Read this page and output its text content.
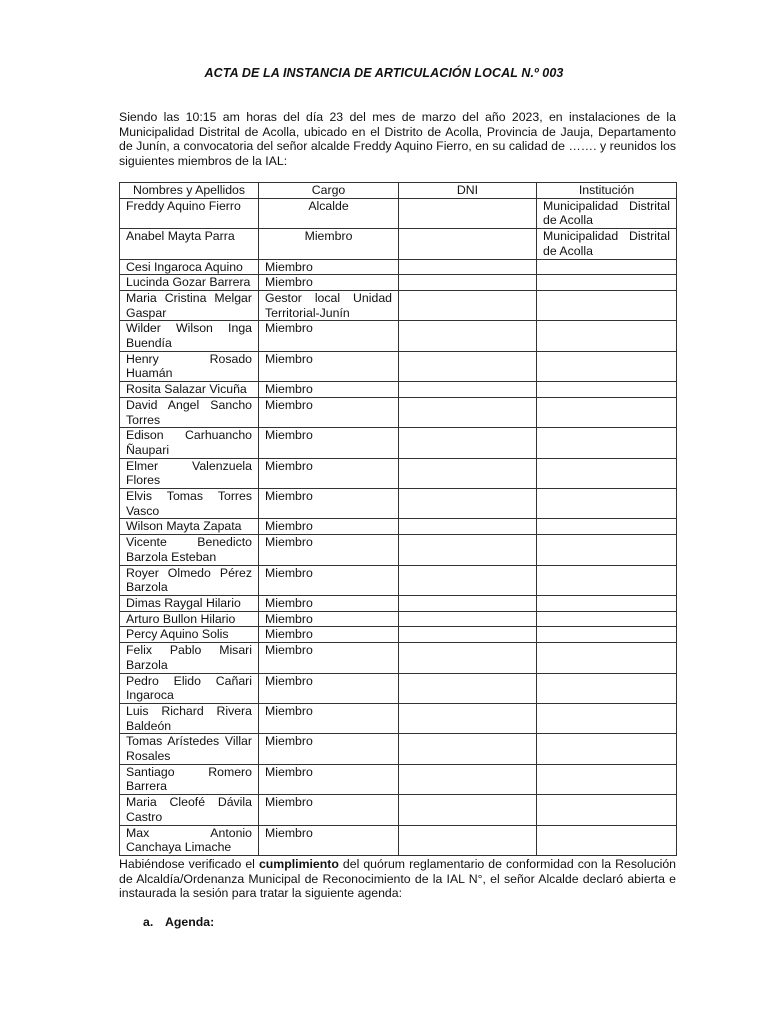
ACTA DE LA INSTANCIA DE ARTICULACIÓN LOCAL N.º 003

Siendo las 10:15 am horas del día 23 del mes de marzo del año 2023, en instalaciones de la Municipalidad Distrital de Acolla, ubicado en el Distrito de Acolla, Provincia de Jauja, Departamento de Junín, a convocatoria del señor alcalde Freddy Aquino Fierro, en su calidad de ……. y reunidos los siguientes miembros de la IAL:

Nombres y Apellidos	Cargo	DNI	Institución
Freddy Aquino Fierro	Alcalde		Municipalidad Distrital de Acolla
Anabel Mayta Parra	Miembro		Municipalidad Distrital de Acolla
Cesi Ingaroca Aquino	Miembro		
Lucinda Gozar Barrera	Miembro		
Maria Cristina Melgar Gaspar	Gestor local Unidad Territorial-Junín		
Wilder Wilson Inga Buendía	Miembro		
Henry Rosado Huamán	Miembro		
Rosita Salazar Vicuña	Miembro		
David Angel Sancho Torres	Miembro		
Edison Carhuancho Ñaupari	Miembro		
Elmer Valenzuela Flores	Miembro		
Elvis Tomas Torres Vasco	Miembro		
Wilson Mayta Zapata	Miembro		
Vicente Benedicto Barzola Esteban	Miembro		
Royer Olmedo Pérez Barzola	Miembro		
Dimas Raygal Hilario	Miembro		
Arturo Bullon Hilario	Miembro		
Percy Aquino Solis	Miembro		
Felix Pablo Misari Barzola	Miembro		
Pedro Elido Cañari Ingaroca	Miembro		
Luis Richard Rivera Baldeón	Miembro		
Tomas Arístedes Villar Rosales	Miembro		
Santiago Romero Barrera	Miembro		
Maria Cleofé Dávila Castro	Miembro		
Max Antonio Canchaya Limache	Miembro		

Habiéndose verificado el cumplimiento del quórum reglamentario de conformidad con la Resolución de Alcaldía/Ordenanza Municipal de Reconocimiento de la IAL N°, el señor Alcalde declaró abierta e instaurada la sesión para tratar la siguiente agenda:

a. Agenda:
